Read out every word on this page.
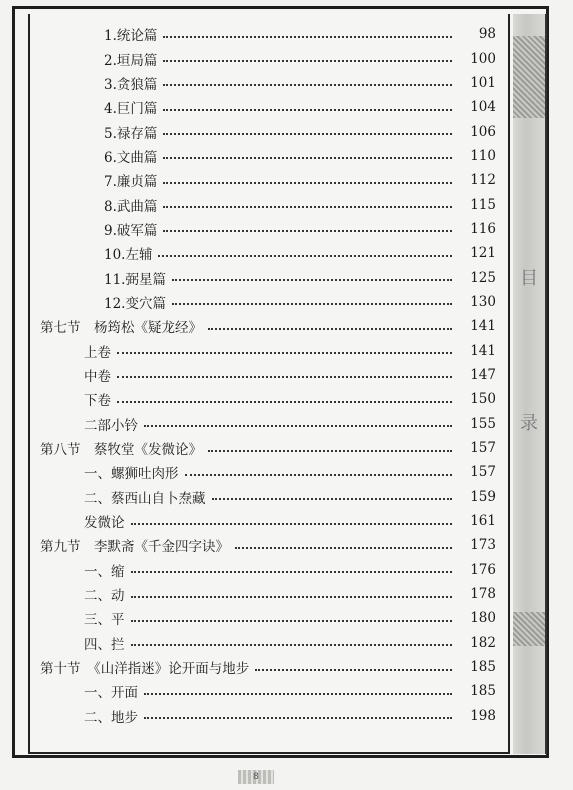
目
录
1.统论篇	98
2.垣局篇	100
3.贪狼篇	101
4.巨门篇	104
5.禄存篇	106
6.文曲篇	110
7.廉贞篇	112
8.武曲篇	115
9.破军篇	116
10.左辅	121
11.弼星篇	125
12.变穴篇	130
第七节　杨筠松《疑龙经》	141
上卷	141
中卷	147
下卷	150
二部小钤	155
第八节　蔡牧堂《发微论》	157
一、螺狮吐肉形	157
二、蔡西山自卜焘藏	159
发微论	161
第九节　李默斋《千金四字诀》	173
一、缩	176
二、动	178
三、平	180
四、拦	182
第十节　《山洋指迷》论开面与地步	185
一、开面	185
二、地步	198
8
